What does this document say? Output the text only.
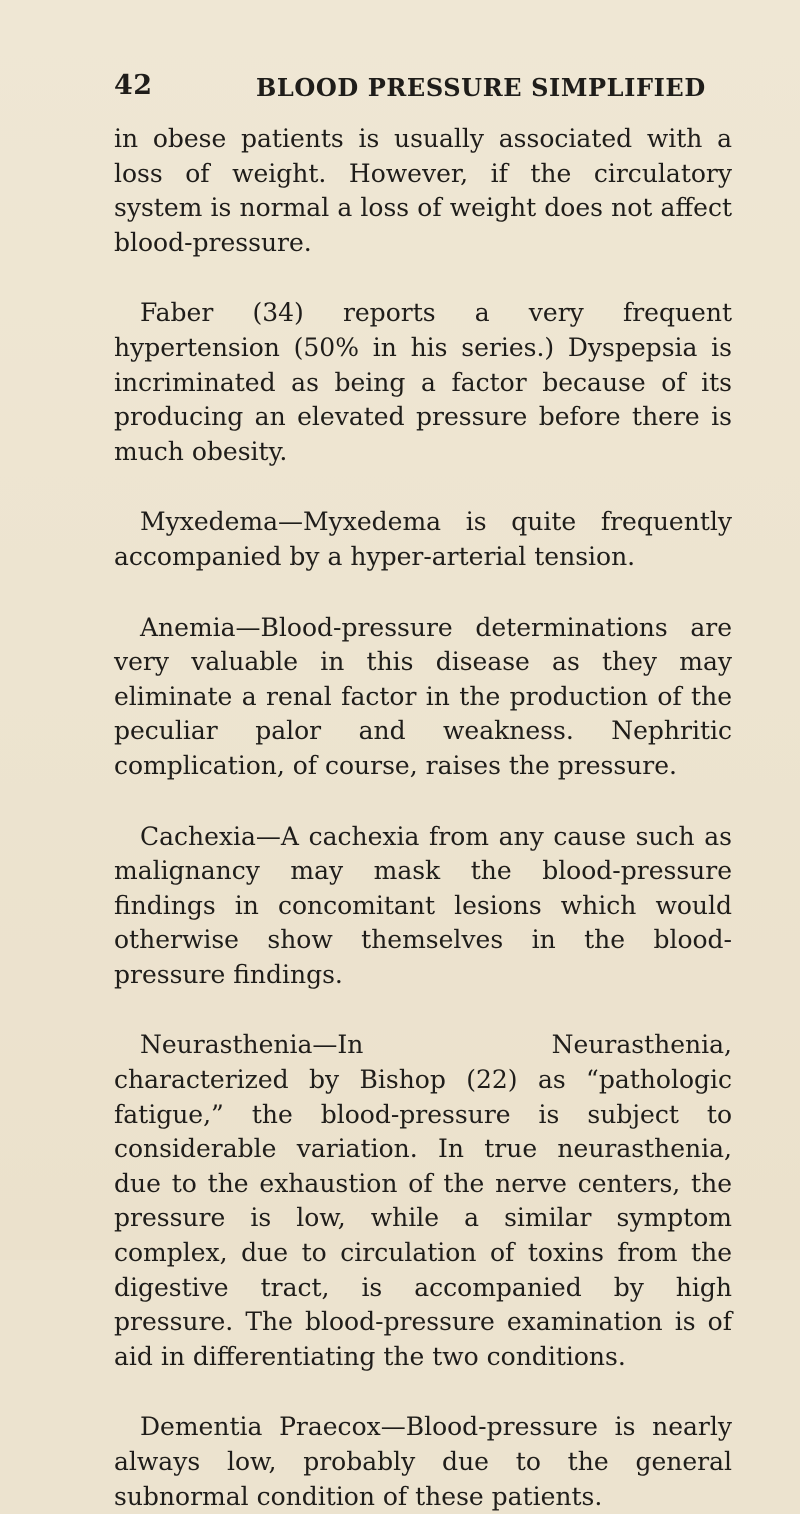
42	BLOOD PRESSURE SIMPLIFIED

in obese patients is usually associated with a loss of weight. However, if the circulatory system is normal a loss of weight does not affect blood-pressure.

Faber (34) reports a very frequent hypertension (50% in his series.) Dyspepsia is incriminated as being a factor because of its producing an elevated pressure before there is much obesity.

Myxedema—Myxedema is quite frequently accompanied by a hyper-arterial tension.

Anemia—Blood-pressure determinations are very valuable in this disease as they may eliminate a renal factor in the production of the peculiar palor and weakness. Nephritic complication, of course, raises the pressure.

Cachexia—A cachexia from any cause such as malignancy may mask the blood-pressure findings in concomitant lesions which would otherwise show themselves in the blood-pressure findings.

Neurasthenia—In Neurasthenia, characterized by Bishop (22) as “pathologic fatigue,” the blood-pressure is subject to considerable variation. In true neurasthenia, due to the exhaustion of the nerve centers, the pressure is low, while a similar symptom complex, due to circulation of toxins from the digestive tract, is accompanied by high pressure. The blood-pressure examination is of aid in differentiating the two conditions.

Dementia Praecox—Blood-pressure is nearly always low, probably due to the general subnormal condition of these patients.
